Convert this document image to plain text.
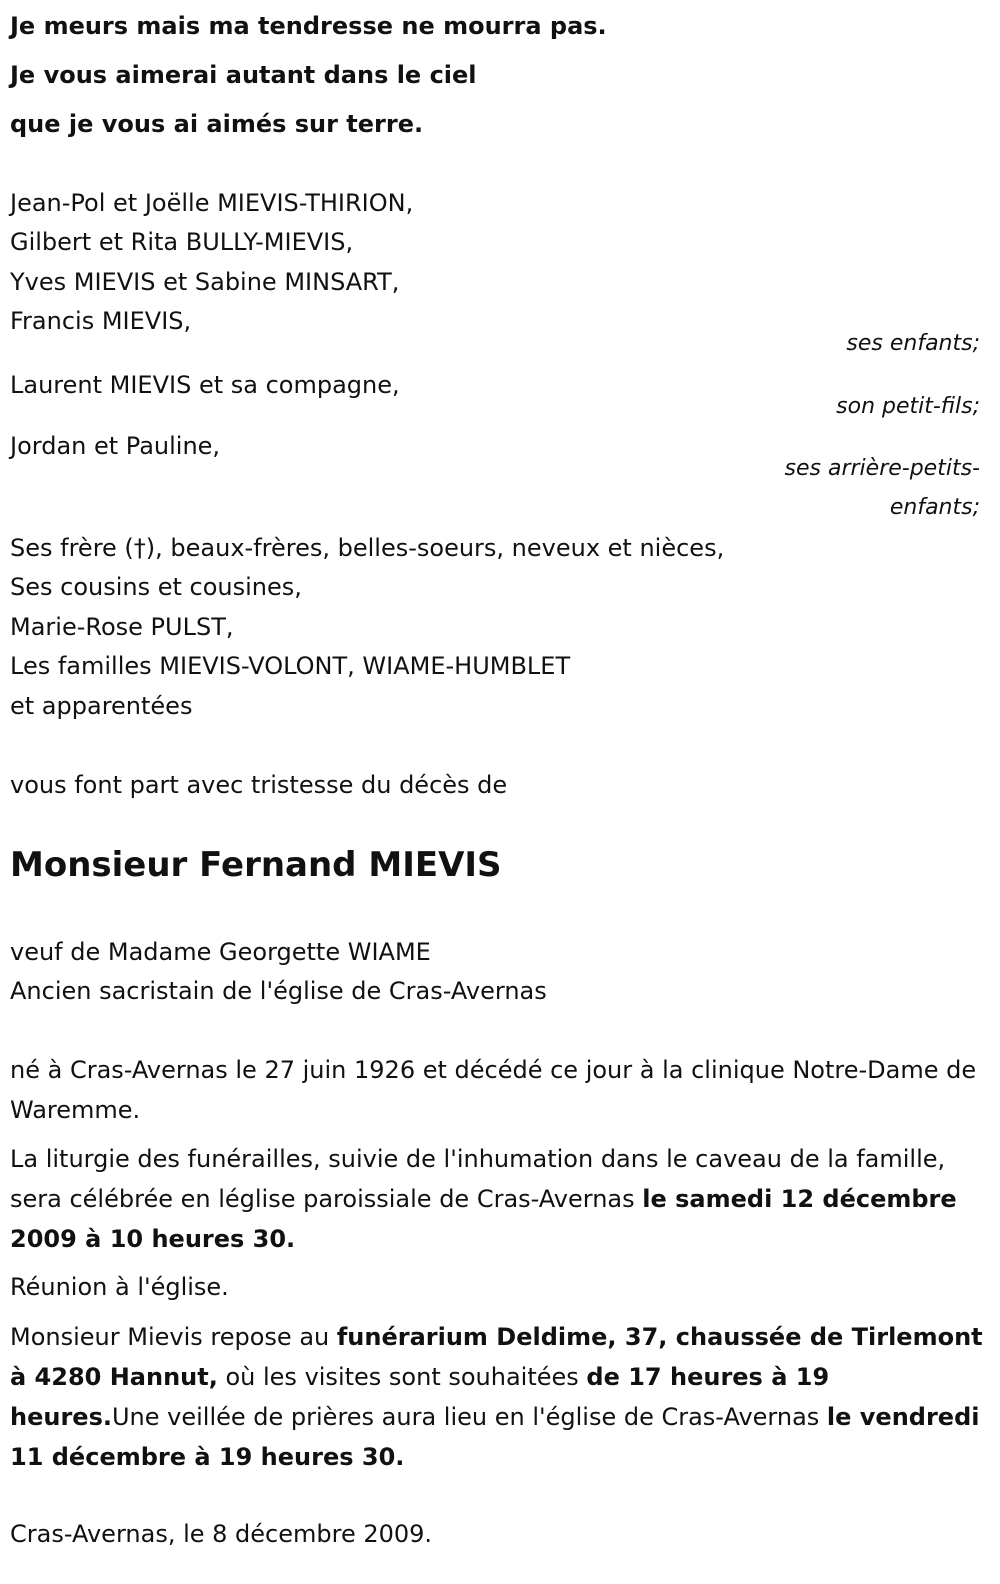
Je meurs mais ma tendresse ne mourra pas.
Je vous aimerai autant dans le ciel
que je vous ai aimés sur terre.
Jean-Pol et Joëlle MIEVIS-THIRION,
Gilbert et Rita BULLY-MIEVIS,
Yves MIEVIS et Sabine MINSART,
Francis MIEVIS,
ses enfants;
Laurent MIEVIS et sa compagne,
son petit-fils;
Jordan et Pauline,
ses arrière-petits-
enfants;
Ses frère (†), beaux-frères, belles-soeurs, neveux et nièces,
Ses cousins et cousines,
Marie-Rose PULST,
Les familles MIEVIS-VOLONT, WIAME-HUMBLET
et apparentées
vous font part avec tristesse du décès de
Monsieur Fernand MIEVIS
veuf de Madame Georgette WIAME
Ancien sacristain de l'église de Cras-Avernas
né à Cras-Avernas le 27 juin 1926 et décédé ce jour à la clinique Notre-Dame de Waremme.
La liturgie des funérailles, suivie de l'inhumation dans le caveau de la famille, sera célébrée en léglise paroissiale de Cras-Avernas le samedi 12 décembre 2009 à 10 heures 30.
Réunion à l'église.
Monsieur Mievis repose au funérarium Deldime, 37, chaussée de Tirlemont à 4280 Hannut, où les visites sont souhaitées de 17 heures à 19 heures.Une veillée de prières aura lieu en l'église de Cras-Avernas le vendredi 11 décembre à 19 heures 30.
Cras-Avernas, le 8 décembre 2009.
